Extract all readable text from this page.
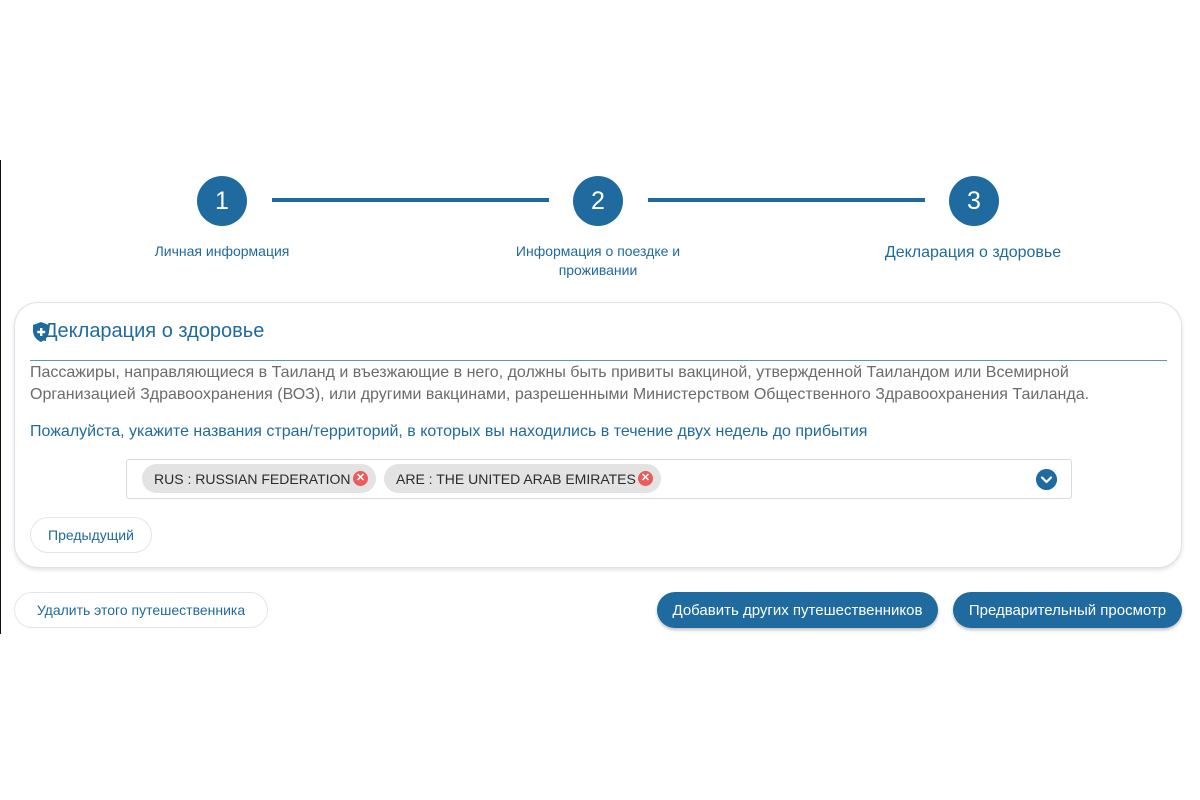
1	2	3
Личная информация	Информация о поездке и проживании
Декларация о здоровье
Декларация о здоровье
Пассажиры, направляющиеся в Таиланд и въезжающие в него, должны быть привиты вакциной, утвержденной Таиландом или Всемирной Организацией Здравоохранения (ВОЗ), или другими вакцинами, разрешенными Министерством Общественного Здравоохранения Таиланда.
Пожалуйста, укажите названия стран/территорий, в которых вы находились в течение двух недель до прибытия
RUS : RUSSIAN FEDERATION ✕ ARE : THE UNITED ARAB EMIRATES ✕
Предыдущий
Удалить этого путешественника	Добавить других путешественников	Предварительный просмотр
